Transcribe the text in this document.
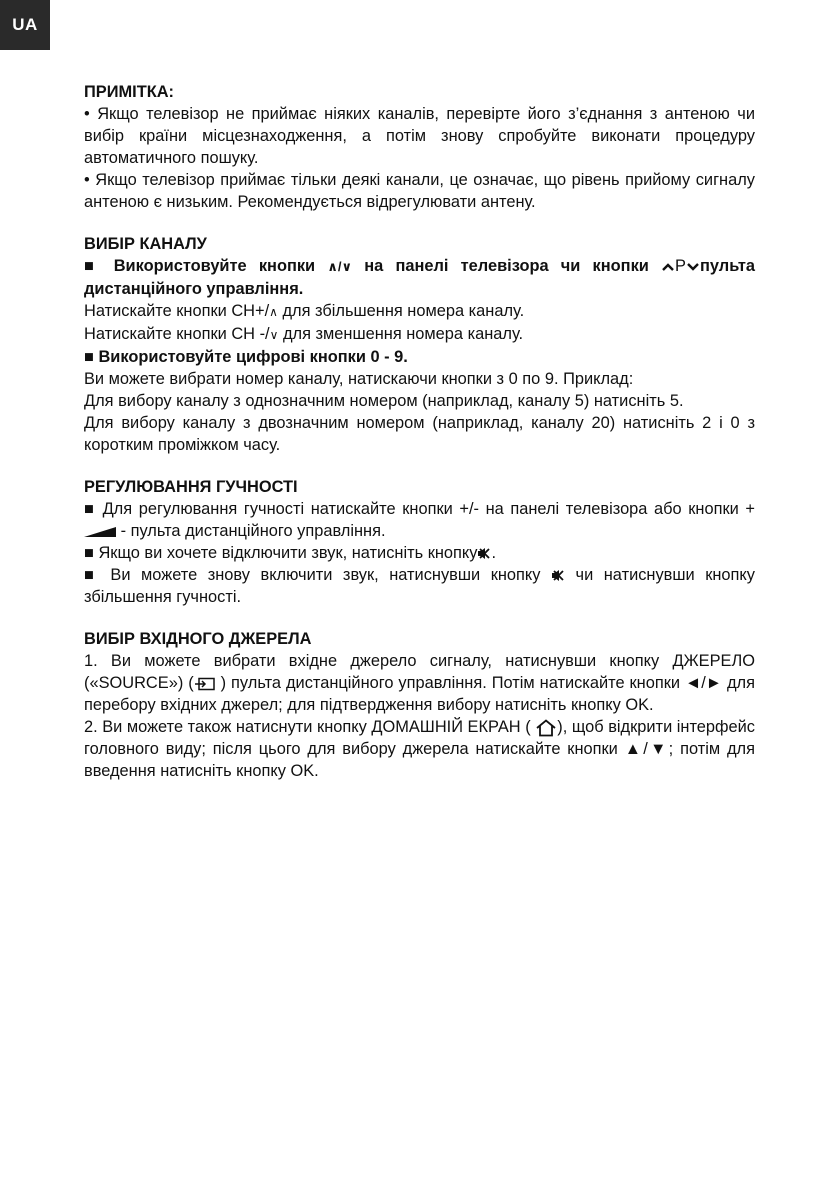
UA
ПРИМІТКА:

• Якщо телевізор не приймає ніяких каналів, перевірте його з’єднання з антеною чи вибір країни місцезнаходження, а потім знову спробуйте виконати процедуру автоматичного пошуку.

• Якщо телевізор приймає тільки деякі канали, це означає, що рівень прийому сигналу антеною є низьким. Рекомендується відрегулювати антену.

ВИБІР КАНАЛУ

■ Використовуйте кнопки ∧/∨ на панелі телевізора чи кнопки P пульта дистанційного управління.

Натискайте кнопки CH+/∧ для збільшення номера каналу.

Натискайте кнопки CH -/∨ для зменшення номера каналу.

■ Використовуйте цифрові кнопки 0 - 9.

Ви можете вибрати номер каналу, натискаючи кнопки з 0 по 9. Приклад:

Для вибору каналу з однозначним номером (наприклад, каналу 5) натисніть 5.

Для вибору каналу з двозначним номером (наприклад, каналу 20) натисніть 2 і 0 з коротким проміжком часу.

РЕГУЛЮВАННЯ ГУЧНОСТІ

■ Для регулювання гучності натискайте кнопки +/- на панелі телевізора або кнопки + - пульта дистанційного управління.

■ Якщо ви хочете відключити звук, натисніть кнопку .

■ Ви можете знову включити звук, натиснувши кнопку чи натиснувши кнопку збільшення гучності.

ВИБІР ВХІДНОГО ДЖЕРЕЛА

1. Ви можете вибрати вхідне джерело сигналу, натиснувши кнопку ДЖЕРЕЛО («SOURCE») ( ) пульта дистанційного управління. Потім натискайте кнопки ◄/► для перебору вхідних джерел; для підтвердження вибору натисніть кнопку OK.

2. Ви можете також натиснути кнопку ДОМАШНІЙ ЕКРАН ( ), щоб відкрити інтерфейс головного виду; після цього для вибору джерела натискайте кнопки ▲/▼; потім для введення натисніть кнопку OK.
